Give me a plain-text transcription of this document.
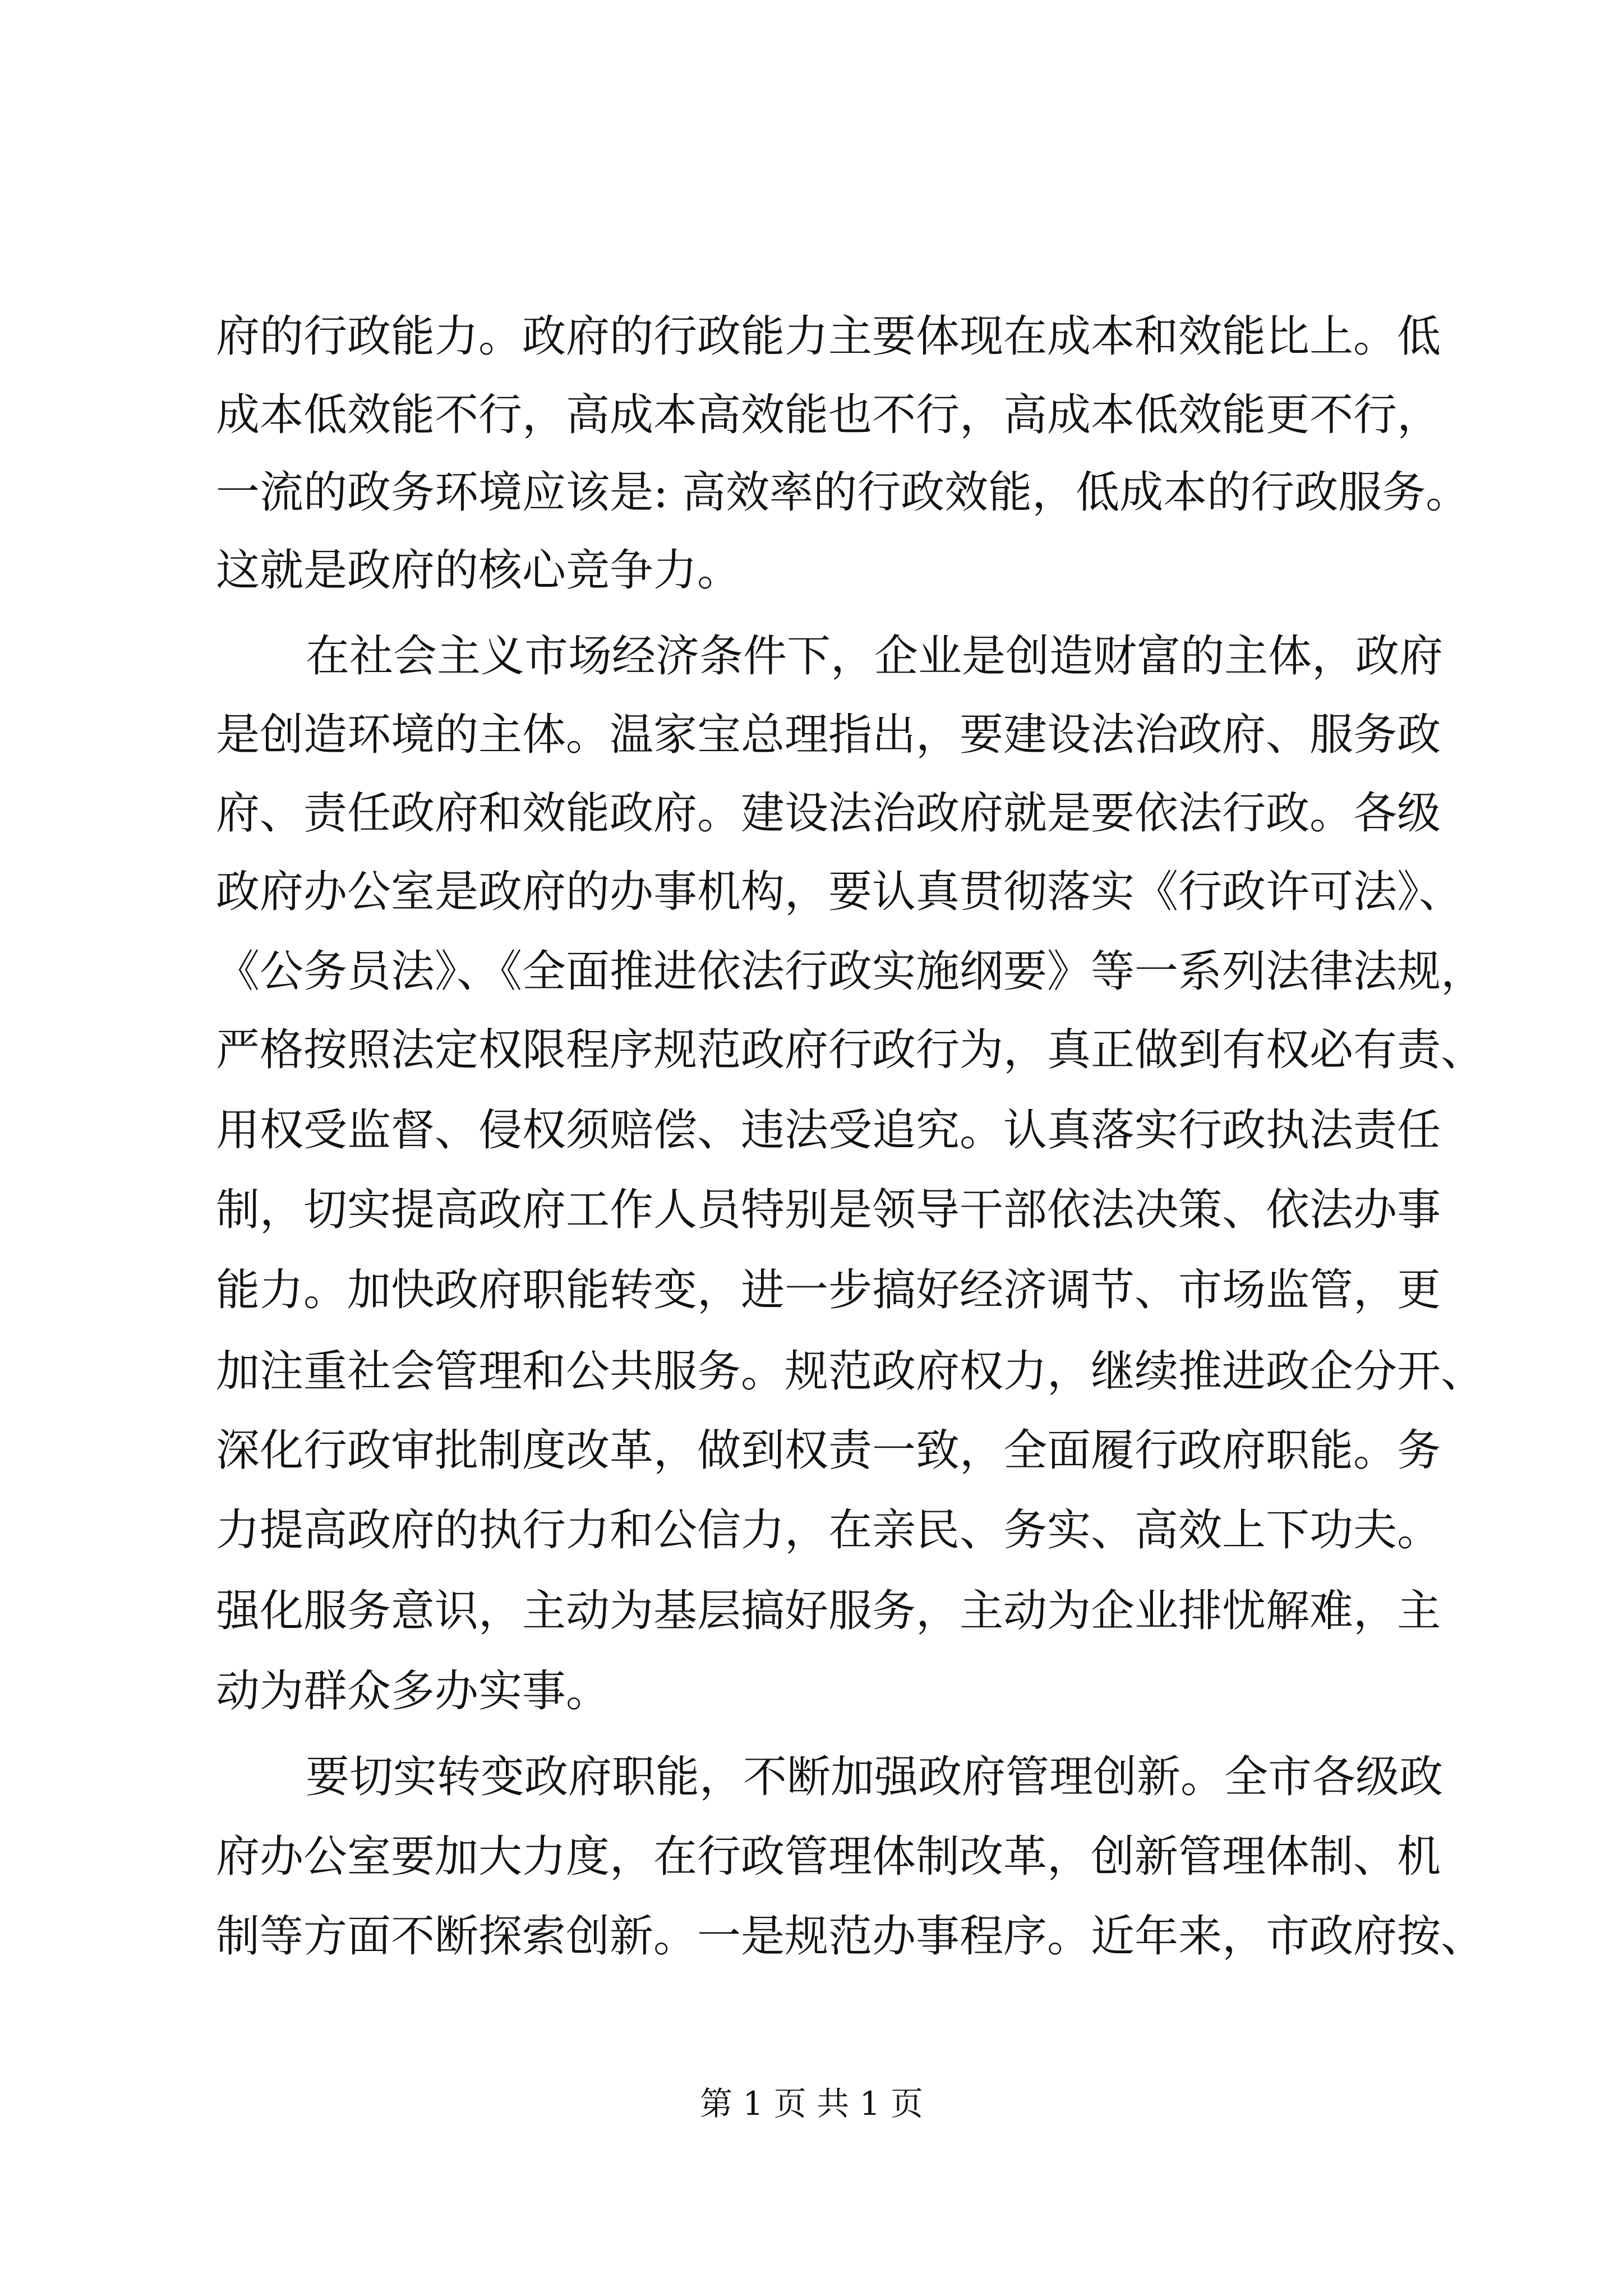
府的行政能力。政府的行政能力主要体现在成本和效能比上。低
成本低效能不行，高成本高效能也不行，高成本低效能更不行，
一流的政务环境应该是: 高效率的行政效能，低成本的行政服务。
这就是政府的核心竞争力。
在社会主义市场经济条件下，企业是创造财富的主体，政府
是创造环境的主体。温家宝总理指出，要建设法治政府、服务政
府、责任政府和效能政府。建设法治政府就是要依法行政。各级
政府办公室是政府的办事机构，要认真贯彻落实《行政许可法》、
《公务员法》、《全面推进依法行政实施纲要》等一系列法律法规，
严格按照法定权限程序规范政府行政行为，真正做到有权必有责、
用权受监督、侵权须赔偿、违法受追究。认真落实行政执法责任
制，切实提高政府工作人员特别是领导干部依法决策、依法办事
能力。加快政府职能转变，进一步搞好经济调节、市场监管，更
加注重社会管理和公共服务。规范政府权力，继续推进政企分开、
深化行政审批制度改革，做到权责一致，全面履行政府职能。务
力提高政府的执行力和公信力，在亲民、务实、高效上下功夫。
强化服务意识，主动为基层搞好服务，主动为企业排忧解难，主
动为群众多办实事。
要切实转变政府职能，不断加强政府管理创新。全市各级政
府办公室要加大力度，在行政管理体制改革，创新管理体制、机
制等方面不断探索创新。一是规范办事程序。近年来，市政府按、
第 1 页 共 1 页
